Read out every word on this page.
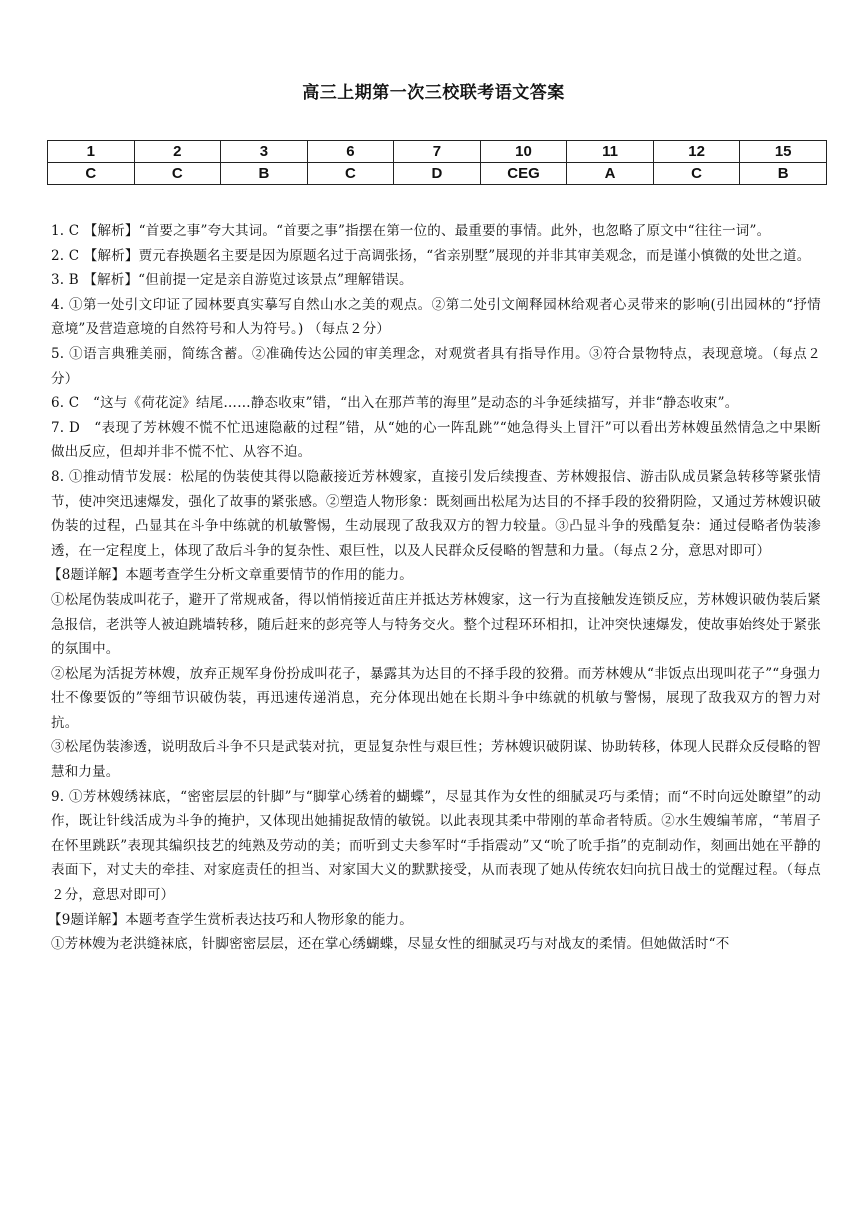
高三上期第一次三校联考语文答案
1	2	3	6	7	10	11	12	15
C	C	B	C	D	CEG	A	C	B

1. C 【解析】“首要之事”夸大其词。“首要之事”指摆在第一位的、最重要的事情。此外，也忽略了原文中“往往一词”。

2. C 【解析】贾元春换题名主要是因为原题名过于高调张扬，“省亲别墅”展现的并非其审美观念，而是谨小慎微的处世之道。

3. B 【解析】“但前提一定是亲自游览过该景点”理解错误。

4. ①第一处引文印证了园林要真实摹写自然山水之美的观点。②第二处引文阐释园林给观者心灵带来的影响(引出园林的“抒情意境”及营造意境的自然符号和人为符号。) （每点２分）

5. ①语言典雅美丽，简练含蓄。②准确传达公园的审美理念，对观赏者具有指导作用。③符合景物特点，表现意境。（每点２分）

6. C　“这与《荷花淀》结尾……静态收束”错，“出入在那芦苇的海里”是动态的斗争延续描写，并非“静态收束”。

7. D　“表现了芳林嫂不慌不忙迅速隐蔽的过程”错，从“她的心一阵乱跳”“她急得头上冒汗”可以看出芳林嫂虽然情急之中果断做出反应，但却并非不慌不忙、从容不迫。

8. ①推动情节发展：松尾的伪装使其得以隐蔽接近芳林嫂家，直接引发后续搜查、芳林嫂报信、游击队成员紧急转移等紧张情节，使冲突迅速爆发，强化了故事的紧张感。②塑造人物形象：既刻画出松尾为达目的不择手段的狡猾阴险，又通过芳林嫂识破伪装的过程，凸显其在斗争中练就的机敏警惕，生动展现了敌我双方的智力较量。③凸显斗争的残酷复杂：通过侵略者伪装渗透，在一定程度上，体现了敌后斗争的复杂性、艰巨性，以及人民群众反侵略的智慧和力量。（每点２分，意思对即可）

【8题详解】本题考查学生分析文章重要情节的作用的能力。

①松尾伪装成叫花子，避开了常规戒备，得以悄悄接近苗庄并抵达芳林嫂家，这一行为直接触发连锁反应，芳林嫂识破伪装后紧急报信，老洪等人被迫跳墙转移，随后赶来的彭亮等人与特务交火。整个过程环环相扣，让冲突快速爆发，使故事始终处于紧张的氛围中。

②松尾为活捉芳林嫂，放弃正规军身份扮成叫花子，暴露其为达目的不择手段的狡猾。而芳林嫂从“非饭点出现叫花子”“身强力壮不像要饭的”等细节识破伪装，再迅速传递消息，充分体现出她在长期斗争中练就的机敏与警惕，展现了敌我双方的智力对抗。

③松尾伪装渗透，说明敌后斗争不只是武装对抗，更显复杂性与艰巨性；芳林嫂识破阴谋、协助转移，体现人民群众反侵略的智慧和力量。

9. ①芳林嫂绣袜底，“密密层层的针脚”与“脚掌心绣着的蝴蝶”，尽显其作为女性的细腻灵巧与柔情；而“不时向远处瞭望”的动作，既让针线活成为斗争的掩护，又体现出她捕捉敌情的敏锐。以此表现其柔中带刚的革命者特质。②水生嫂编苇席，“苇眉子在怀里跳跃”表现其编织技艺的纯熟及劳动的美；而听到丈夫参军时“手指震动”又“吮了吮手指”的克制动作，刻画出她在平静的表面下，对丈夫的牵挂、对家庭责任的担当、对家国大义的默默接受，从而表现了她从传统农妇向抗日战士的觉醒过程。（每点２分，意思对即可）

【9题详解】本题考查学生赏析表达技巧和人物形象的能力。

①芳林嫂为老洪缝袜底，针脚密密层层，还在掌心绣蝴蝶，尽显女性的细腻灵巧与对战友的柔情。但她做活时“不
